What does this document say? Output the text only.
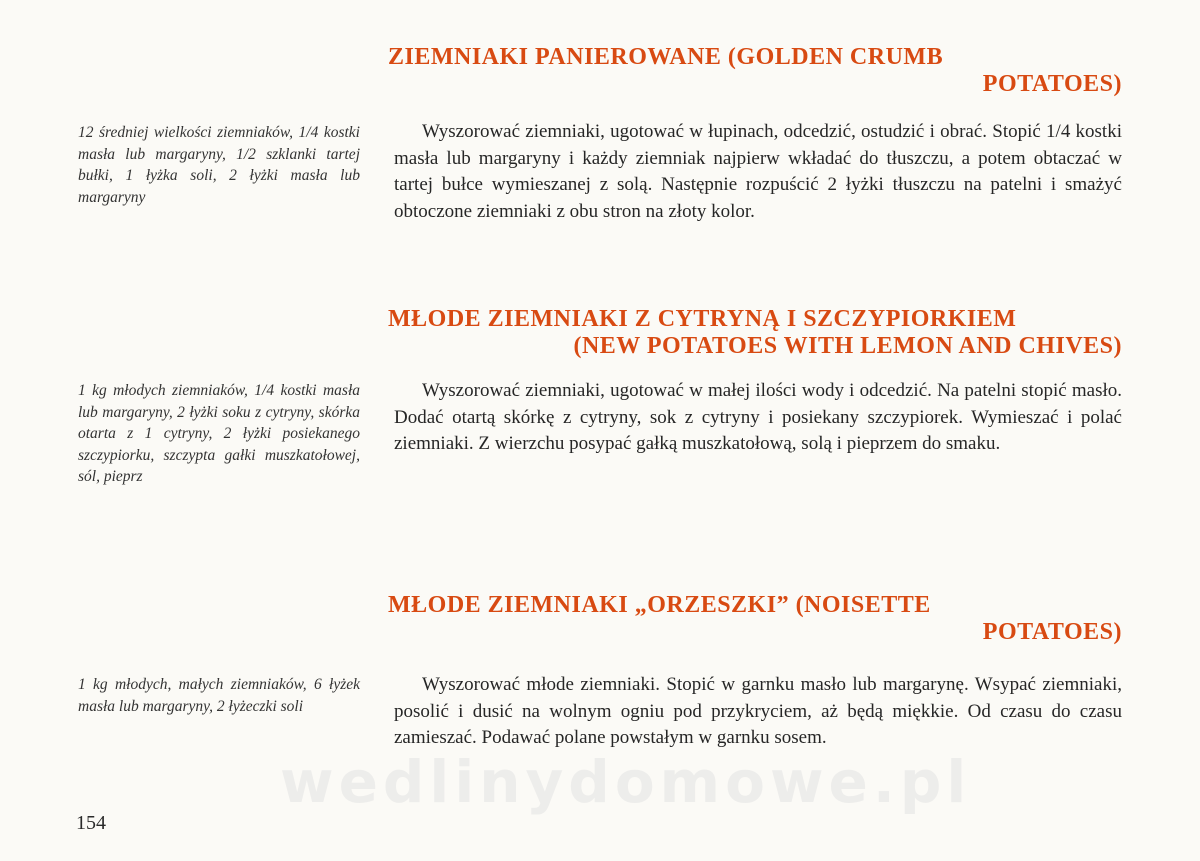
ZIEMNIAKI PANIEROWANE (GOLDEN CRUMB
POTATOES)
12 średniej wielkości ziemniaków, 1/4 kostki masła lub margaryny, 1/2 szklanki tartej bułki, 1 łyżka soli, 2 łyżki masła lub margaryny

Wyszorować ziemniaki, ugotować w łupinach, odcedzić, ostudzić i obrać. Stopić 1/4 kostki masła lub margaryny i każdy ziemniak najpierw wkładać do tłuszczu, a potem obtaczać w tartej bułce wymieszanej z solą. Następnie rozpuścić 2 łyżki tłuszczu na patelni i smażyć obtoczone ziemniaki z obu stron na złoty kolor.

MŁODE ZIEMNIAKI Z CYTRYNĄ I SZCZYPIORKIEM
(NEW POTATOES WITH LEMON AND CHIVES)
1 kg młodych ziemniaków, 1/4 kostki masła lub margaryny, 2 łyżki soku z cytryny, skórka otarta z 1 cytryny, 2 łyżki posiekanego szczypiorku, szczypta gałki muszkatołowej, sól, pieprz

Wyszorować ziemniaki, ugotować w małej ilości wody i odcedzić. Na patelni stopić masło. Dodać otartą skórkę z cytryny, sok z cytryny i posiekany szczypiorek. Wymieszać i polać ziemniaki. Z wierzchu posypać gałką muszkatołową, solą i pieprzem do smaku.

MŁODE ZIEMNIAKI „ORZESZKI” (NOISETTE
POTATOES)
1 kg młodych, małych ziemniaków, 6 łyżek masła lub margaryny, 2 łyżeczki soli

Wyszorować młode ziemniaki. Stopić w garnku masło lub margarynę. Wsypać ziemniaki, posolić i dusić na wolnym ogniu pod przykryciem, aż będą miękkie. Od czasu do czasu zamieszać. Podawać polane powstałym w garnku sosem.

wedlinydomowe.pl
154
